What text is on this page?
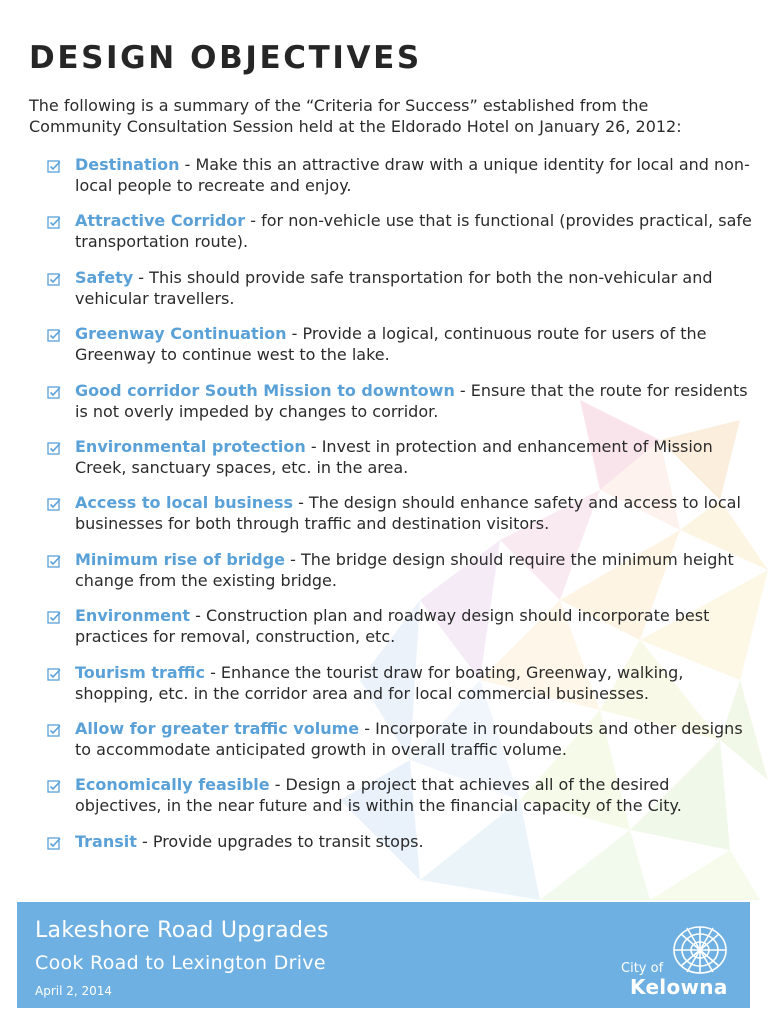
DESIGN OBJECTIVES

The following is a summary of the “Criteria for Success” established from the Community Consultation Session held at the Eldorado Hotel on January 26, 2012:

Destination - Make this an attractive draw with a unique identity for local and non-local people to recreate and enjoy.

Attractive Corridor - for non-vehicle use that is functional (provides practical, safe transportation route).

Safety - This should provide safe transportation for both the non-vehicular and vehicular travellers.

Greenway Continuation - Provide a logical, continuous route for users of the Greenway to continue west to the lake.

Good corridor South Mission to downtown - Ensure that the route for residents is not overly impeded by changes to corridor.

Environmental protection - Invest in protection and enhancement of Mission Creek, sanctuary spaces, etc. in the area.

Access to local business - The design should enhance safety and access to local businesses for both through traffic and destination visitors.

Minimum rise of bridge - The bridge design should require the minimum height change from the existing bridge.

Environment - Construction plan and roadway design should incorporate best practices for removal, construction, etc.

Tourism traffic - Enhance the tourist draw for boating, Greenway, walking, shopping, etc. in the corridor area and for local commercial businesses.

Allow for greater traffic volume - Incorporate in roundabouts and other designs to accommodate anticipated growth in overall traffic volume.

Economically feasible - Design a project that achieves all of the desired objectives, in the near future and is within the financial capacity of the City.

Transit - Provide upgrades to transit stops.

Lakeshore Road Upgrades
Cook Road to Lexington Drive
April 2, 2014
City of
Kelowna
